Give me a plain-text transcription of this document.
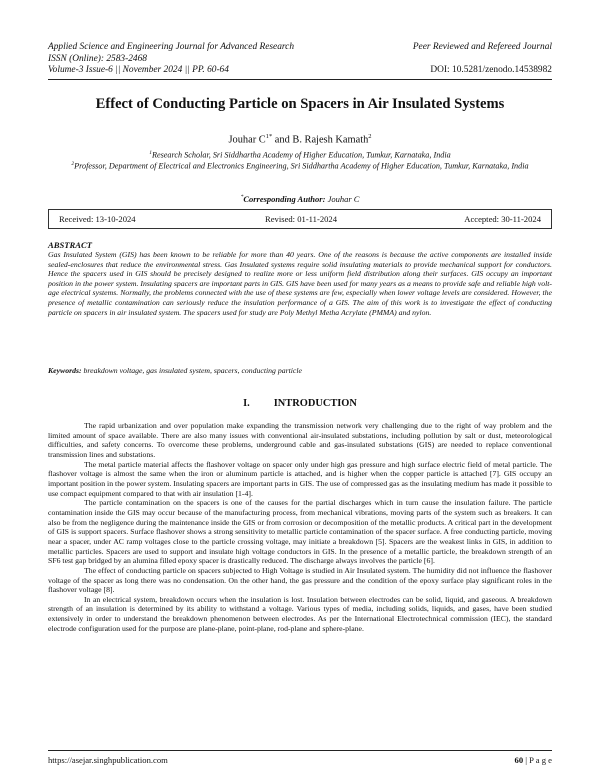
Applied Science and Engineering Journal for Advanced Research	Peer Reviewed and Refereed Journal
ISSN (Online): 2583-2468
Volume-3 Issue-6 || November 2024 || PP. 60-64	DOI: 10.5281/zenodo.14538982
Effect of Conducting Particle on Spacers in Air Insulated Systems
Jouhar $C^{1*}$ and B. Rajesh Kamath$^2$
$^1$Research Scholar, Sri Siddhartha Academy of Higher Education, Tumkur, Karnataka, India
$^2$Professor, Department of Electrical and Electronics Engineering, Sri Siddhartha Academy of Higher Education, Tumkur, Karnataka, India
*Corresponding Author: Jouhar C
Received: 13-10-2024	Revised: 01-11-2024	Accepted: 30-11-2024
ABSTRACT
Gas Insulated System (GIS) has been known to be reliable for more than 40 years. One of the reasons is because the active components are installed inside sealed-enclosures that reduce the environmental stress. Gas Insulated systems require solid insulating materials to provide mechanical support for conductors. Hence the spacers used in GIS should be precisely designed to realize more or less uniform field distribution along their surfaces. GIS occupy an important position in the power system. Insulating spacers are important parts in GIS. GIS have been used for many years as a means to provide safe and reliable high volt-age electrical systems. Normally, the problems connected with the use of these systems are few, especially when lower voltage levels are considered. However, the presence of metallic contamination can seriously reduce the insulation performance of a GIS. The aim of this work is to investigate the effect of conducting particle on spacers in air insulated system. The spacers used for study are Poly Methyl Metha Acrylate (PMMA) and nylon.
Keywords: breakdown voltage, gas insulated system, spacers, conducting particle
I. INTRODUCTION

The rapid urbanization and over population make expanding the transmission network very challenging due to the right of way problem and the limited amount of space available. There are also many issues with conventional air-insulated substations, including pollution by salt or dust, meteorological difficulties, and safety concerns. To overcome these problems, underground cable and gas-insulated substations (GIS) are needed to replace conventional transmission lines and substations.

The metal particle material affects the flashover voltage on spacer only under high gas pressure and high surface electric field of metal particle. The flashover voltage is almost the same when the iron or aluminum particle is attached, and is higher when the copper particle is attached [7]. GIS occupy an important position in the power system. Insulating spacers are important parts in GIS. The use of compressed gas as the insulating medium has made it possible to use compact equipment compared to that with air insulation [1-4].

The particle contamination on the spacers is one of the causes for the partial discharges which in turn cause the insulation failure. The particle contamination inside the GIS may occur because of the manufacturing process, from mechanical vibrations, moving parts of the system such as breakers. It can also be from the negligence during the maintenance inside the GIS or from corrosion or decomposition of the metallic products. A critical part in the development of GIS is support spacers. Surface flashover shows a strong sensitivity to metallic particle contamination of the spacer surface. A free conducting particle, moving near a spacer, under AC ramp voltages close to the particle crossing voltage, may initiate a breakdown [5]. Spacers are the weakest links in GIS, in addition to metallic particles. Spacers are used to support and insulate high voltage conductors in GIS. In the presence of a metallic particle, the breakdown strength of an SF6 test gap bridged by an alumina filled epoxy spacer is drastically reduced. The discharge always involves the particle [6].

The effect of conducting particle on spacers subjected to High Voltage is studied in Air Insulated system. The humidity did not influence the flashover voltage of the spacer as long there was no condensation. On the other hand, the gas pressure and the condition of the epoxy surface play significant roles in the flashover voltage [8].

In an electrical system, breakdown occurs when the insulation is lost. Insulation between electrodes can be solid, liquid, and gaseous. A breakdown strength of an insulation is determined by its ability to withstand a voltage. Various types of media, including solids, liquids, and gases, have been studied extensively in order to understand the breakdown phenomenon between electrodes. As per the International Electrotechnical commission (IEC), the standard electrode configuration used for the purpose are plane-plane, point-plane, rod-plane and sphere-plane.

https://asejar.singhpublication.com	60 | P a g e
